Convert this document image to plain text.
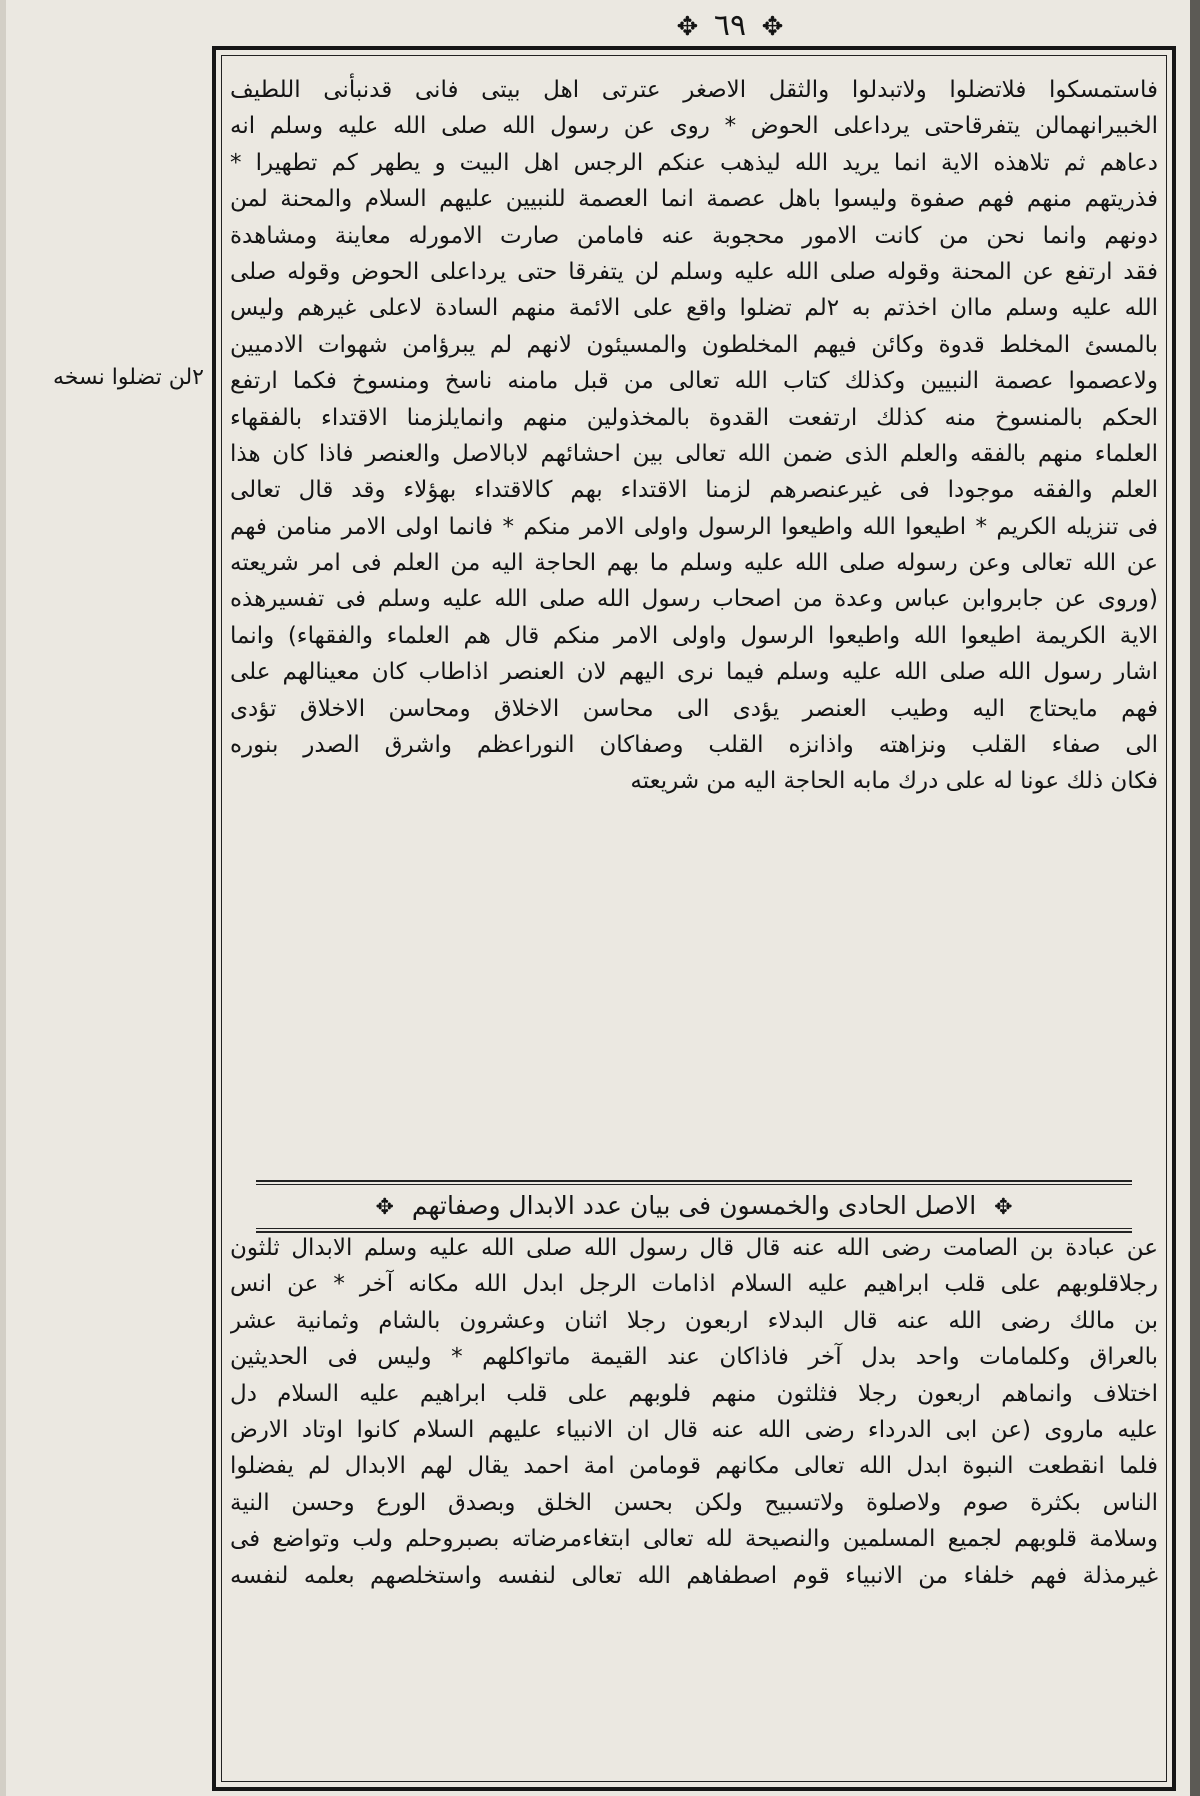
✥ ٦٩ ✥
٢لن تضلوا نسخه
فاستمسكوا فلاتضلوا ولاتبدلوا والثقل الاصغر عترتى اهل بيتى فانى قدنبأنى اللطيف
الخبيرانهمالن يتفرقاحتى يرداعلى الحوض * روى عن رسول الله صلى الله عليه وسلم انه
دعاهم ثم تلاهذه الاية انما يريد الله ليذهب عنكم الرجس اهل البيت و يطهر كم تطهيرا *
فذريتهم منهم فهم صفوة وليسوا باهل عصمة انما العصمة للنبيين عليهم السلام والمحنة لمن
دونهم وانما نحن من كانت الامور محجوبة عنه فامامن صارت الامورله معاينة ومشاهدة
فقد ارتفع عن المحنة وقوله صلى الله عليه وسلم لن يتفرقا حتى يرداعلى الحوض وقوله صلى
الله عليه وسلم ماان اخذتم به ٢لم تضلوا واقع على الائمة منهم السادة لاعلى غيرهم وليس
بالمسئ المخلط قدوة وكائن فيهم المخلطون والمسيئون لانهم لم يبرؤامن شهوات الادميين
ولاعصموا عصمة النبيين وكذلك كتاب الله تعالى من قبل مامنه ناسخ ومنسوخ فكما ارتفع
الحكم بالمنسوخ منه كذلك ارتفعت القدوة بالمخذولين منهم وانمايلزمنا الاقتداء بالفقهاء
العلماء منهم بالفقه والعلم الذى ضمن الله تعالى بين احشائهم لابالاصل والعنصر فاذا كان هذا
العلم والفقه موجودا فى غيرعنصرهم لزمنا الاقتداء بهم كالاقتداء بهؤلاء وقد قال تعالى
فى تنزيله الكريم * اطيعوا الله واطيعوا الرسول واولى الامر منكم * فانما اولى الامر منامن فهم
عن الله تعالى وعن رسوله صلى الله عليه وسلم ما بهم الحاجة اليه من العلم فى امر شريعته
(وروى عن جابروابن عباس وعدة من اصحاب رسول الله صلى الله عليه وسلم فى تفسيرهذه
الاية الكريمة اطيعوا الله واطيعوا الرسول واولى الامر منكم قال هم العلماء والفقهاء) وانما
اشار رسول الله صلى الله عليه وسلم فيما نرى اليهم لان العنصر اذاطاب كان معينالهم على
فهم مايحتاج اليه وطيب العنصر يؤدى الى محاسن الاخلاق ومحاسن الاخلاق تؤدى
الى صفاء القلب ونزاهته واذانزه القلب وصفاكان النوراعظم واشرق الصدر بنوره
فكان ذلك عونا له على درك مابه الحاجة اليه من شريعته
✥ الاصل الحادى والخمسون فى بيان عدد الابدال وصفاتهم ✥
عن عبادة بن الصامت رضى الله عنه قال قال رسول الله صلى الله عليه وسلم الابدال ثلثون
رجلاقلوبهم على قلب ابراهيم عليه السلام اذامات الرجل ابدل الله مكانه آخر * عن انس
بن مالك رضى الله عنه قال البدلاء اربعون رجلا اثنان وعشرون بالشام وثمانية عشر
بالعراق وكلمامات واحد بدل آخر فاذاكان عند القيمة ماتواكلهم * وليس فى الحديثين
اختلاف وانماهم اربعون رجلا فثلثون منهم فلوبهم على قلب ابراهيم عليه السلام دل
عليه ماروى (عن ابى الدرداء رضى الله عنه قال ان الانبياء عليهم السلام كانوا اوتاد الارض
فلما انقطعت النبوة ابدل الله تعالى مكانهم قومامن امة احمد يقال لهم الابدال لم يفضلوا
الناس بكثرة صوم ولاصلوة ولاتسبيح ولكن بحسن الخلق وبصدق الورع وحسن النية
وسلامة قلوبهم لجميع المسلمين والنصيحة لله تعالى ابتغاءمرضاته بصبروحلم ولب وتواضع فى
غيرمذلة فهم خلفاء من الانبياء قوم اصطفاهم الله تعالى لنفسه واستخلصهم بعلمه لنفسه
